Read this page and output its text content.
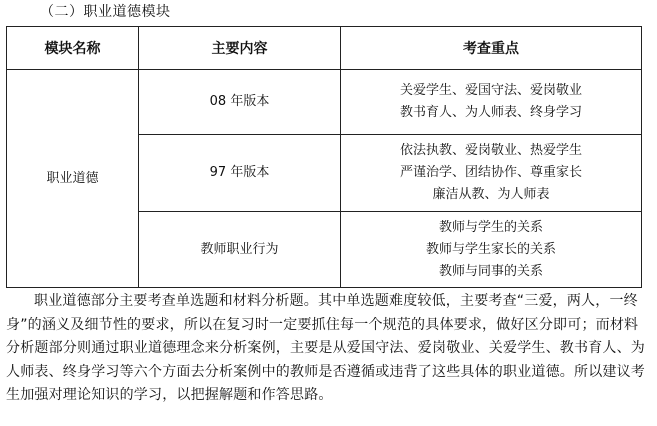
（二）职业道德模块
模块名称	主要内容	考查重点
职业道德	08 年版本	关爱学生、爱国守法、爱岗敬业
教书育人、为人师表、终身学习

	97 年版本	依法执教、爱岗敬业、热爱学生
严谨治学、团结协作、尊重家长
廉洁从教、为人师表

	教师职业行为	教师与学生的关系
教师与学生家长的关系
教师与同事的关系

职业道德部分主要考查单选题和材料分析题。其中单选题难度较低，主要考查“三爱，两人，一终身”的涵义及细节性的要求，所以在复习时一定要抓住每一个规范的具体要求，做好区分即可；而材料分析题部分则通过职业道德理念来分析案例，主要是从爱国守法、爱岗敬业、关爱学生、教书育人、为人师表、终身学习等六个方面去分析案例中的教师是否遵循或违背了这些具体的职业道德。所以建议考生加强对理论知识的学习，以把握解题和作答思路。
